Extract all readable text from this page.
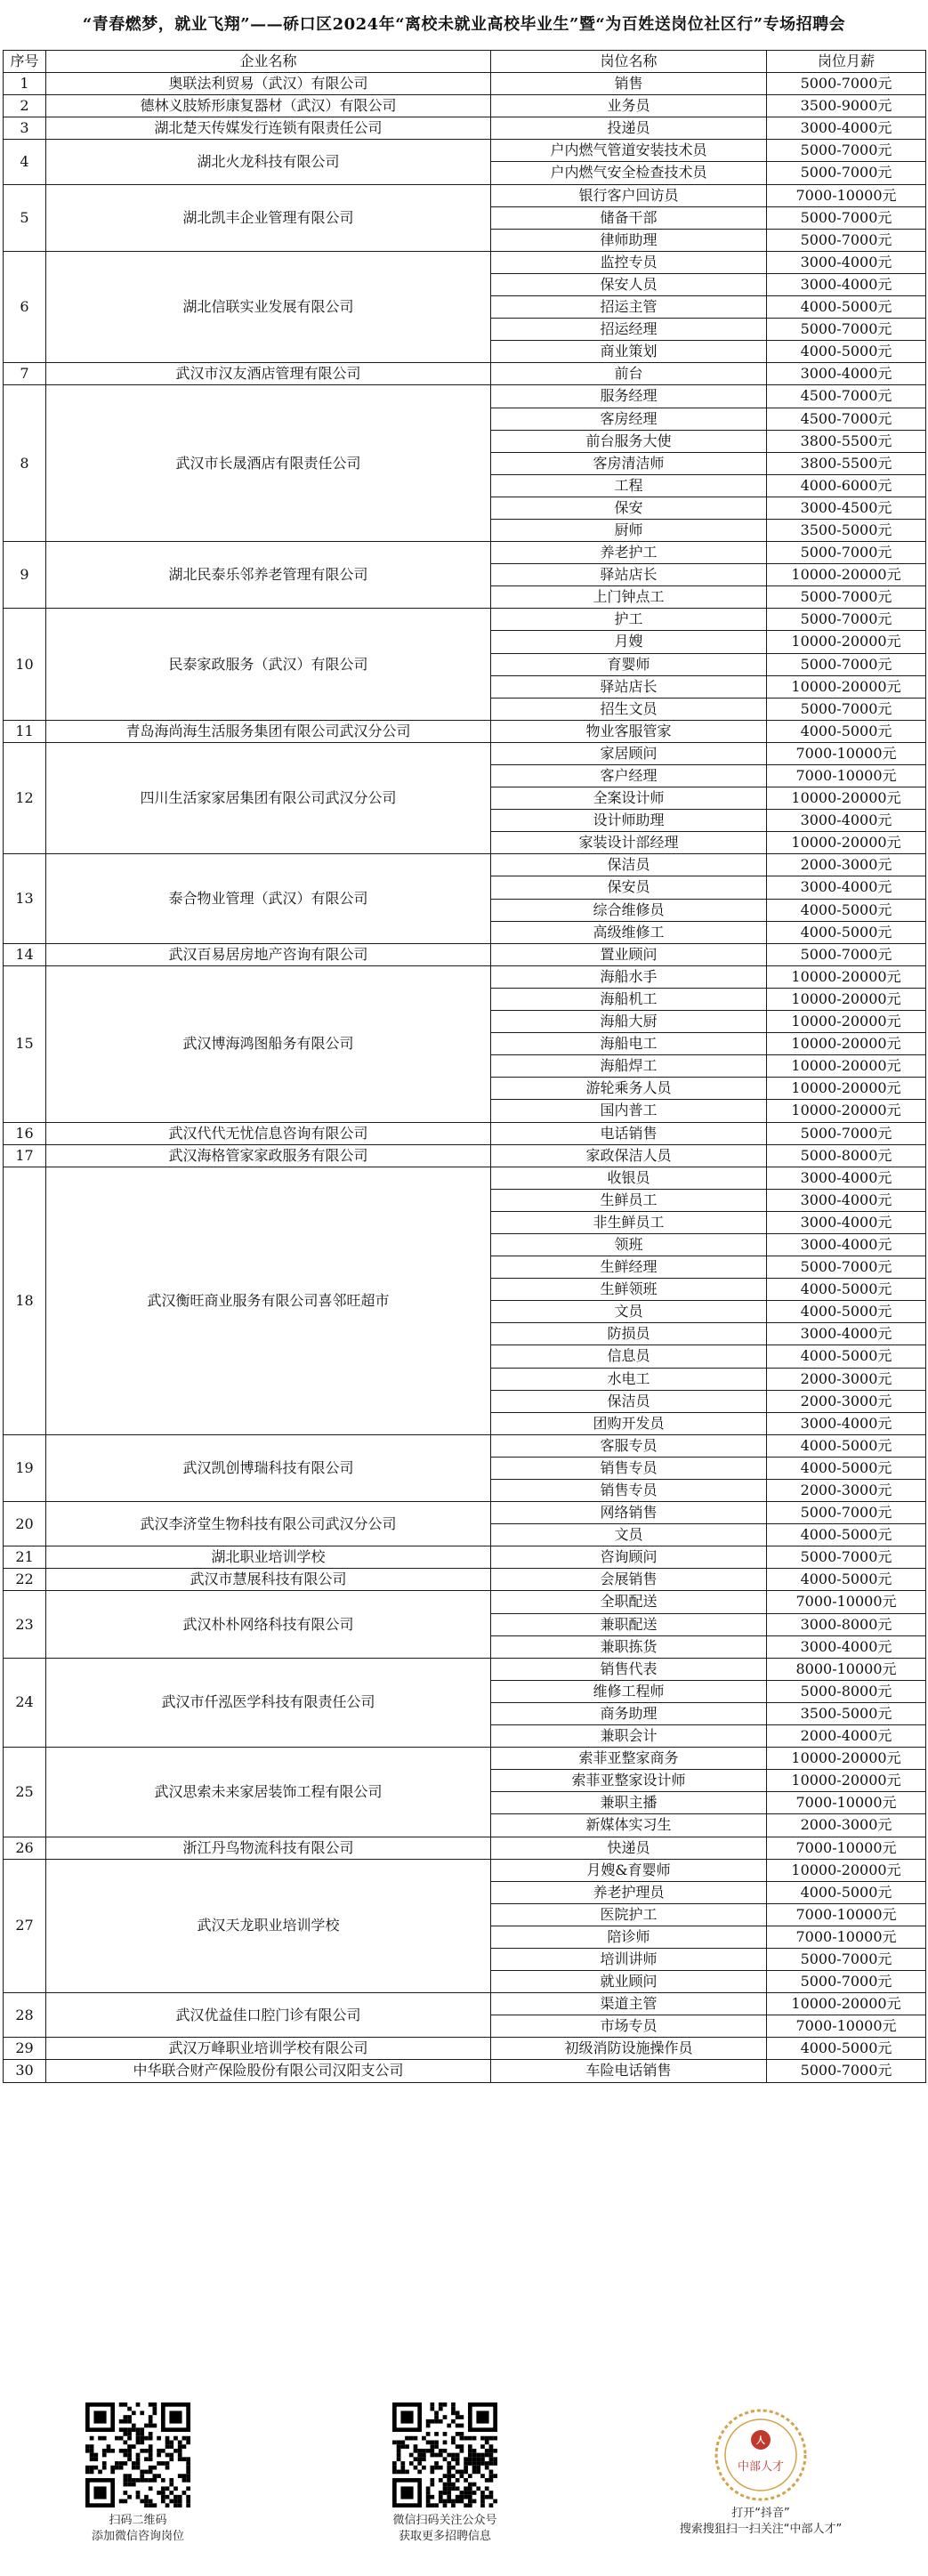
“青春燃梦，就业飞翔”——硚口区2024年“离校未就业高校毕业生”暨“为百姓送岗位社区行”专场招聘会
序号	企业名称	岗位名称	岗位月薪
1	奥联法利贸易（武汉）有限公司	销售	5000-7000元
2	德林义肢矫形康复器材（武汉）有限公司	业务员	3500-9000元
3	湖北楚天传媒发行连锁有限责任公司	投递员	3000-4000元
4	湖北火龙科技有限公司	户内燃气管道安装技术员	5000-7000元
		户内燃气安全检查技术员	5000-7000元
5	湖北凯丰企业管理有限公司	银行客户回访员	7000-10000元
		储备干部	5000-7000元
		律师助理	5000-7000元
6	湖北信联实业发展有限公司	监控专员	3000-4000元
		保安人员	3000-4000元
		招运主管	4000-5000元
		招运经理	5000-7000元
		商业策划	4000-5000元
7	武汉市汉友酒店管理有限公司	前台	3000-4000元
8	武汉市长晟酒店有限责任公司	服务经理	4500-7000元
		客房经理	4500-7000元
		前台服务大使	3800-5500元
		客房清洁师	3800-5500元
		工程	4000-6000元
		保安	3000-4500元
		厨师	3500-5000元
9	湖北民泰乐邻养老管理有限公司	养老护工	5000-7000元
		驿站店长	10000-20000元
		上门钟点工	5000-7000元
10	民泰家政服务（武汉）有限公司	护工	5000-7000元
		月嫂	10000-20000元
		育婴师	5000-7000元
		驿站店长	10000-20000元
		招生文员	5000-7000元
11	青岛海尚海生活服务集团有限公司武汉分公司	物业客服管家	4000-5000元
12	四川生活家家居集团有限公司武汉分公司	家居顾问	7000-10000元
		客户经理	7000-10000元
		全案设计师	10000-20000元
		设计师助理	3000-4000元
		家装设计部经理	10000-20000元
13	泰合物业管理（武汉）有限公司	保洁员	2000-3000元
		保安员	3000-4000元
		综合维修员	4000-5000元
		高级维修工	4000-5000元
14	武汉百易居房地产咨询有限公司	置业顾问	5000-7000元
15	武汉博海鸿图船务有限公司	海船水手	10000-20000元
		海船机工	10000-20000元
		海船大厨	10000-20000元
		海船电工	10000-20000元
		海船焊工	10000-20000元
		游轮乘务人员	10000-20000元
		国内普工	10000-20000元
16	武汉代代无忧信息咨询有限公司	电话销售	5000-7000元
17	武汉海格管家家政服务有限公司	家政保洁人员	5000-8000元
18	武汉衡旺商业服务有限公司喜邻旺超市	收银员	3000-4000元
		生鲜员工	3000-4000元
		非生鲜员工	3000-4000元
		领班	3000-4000元
		生鲜经理	5000-7000元
		生鲜领班	4000-5000元
		文员	4000-5000元
		防损员	3000-4000元
		信息员	4000-5000元
		水电工	2000-3000元
		保洁员	2000-3000元
		团购开发员	3000-4000元
19	武汉凯创博瑞科技有限公司	客服专员	4000-5000元
		销售专员	4000-5000元
		销售专员	2000-3000元
20	武汉李济堂生物科技有限公司武汉分公司	网络销售	5000-7000元
		文员	4000-5000元
21	湖北职业培训学校	咨询顾问	5000-7000元
22	武汉市慧展科技有限公司	会展销售	4000-5000元
23	武汉朴朴网络科技有限公司	全职配送	7000-10000元
		兼职配送	3000-8000元
		兼职拣货	3000-4000元
24	武汉市仟泓医学科技有限责任公司	销售代表	8000-10000元
		维修工程师	5000-8000元
		商务助理	3500-5000元
		兼职会计	2000-4000元
25	武汉思索未来家居装饰工程有限公司	索菲亚整家商务	10000-20000元
		索菲亚整家设计师	10000-20000元
		兼职主播	7000-10000元
		新媒体实习生	2000-3000元
26	浙江丹鸟物流科技有限公司	快递员	7000-10000元
27	武汉天龙职业培训学校	月嫂&育婴师	10000-20000元
		养老护理员	4000-5000元
		医院护工	7000-10000元
		陪诊师	7000-10000元
		培训讲师	5000-7000元
		就业顾问	5000-7000元
28	武汉优益佳口腔门诊有限公司	渠道主管	10000-20000元
		市场专员	7000-10000元
29	武汉万峰职业培训学校有限公司	初级消防设施操作员	4000-5000元
30	中华联合财产保险股份有限公司汉阳支公司	车险电话销售	5000-7000元
扫码二维码
添加微信咨询岗位
微信扫码关注公众号
获取更多招聘信息
人
中部人才
打开“抖音”
搜索搜狙扫一扫关注“中部人才”
